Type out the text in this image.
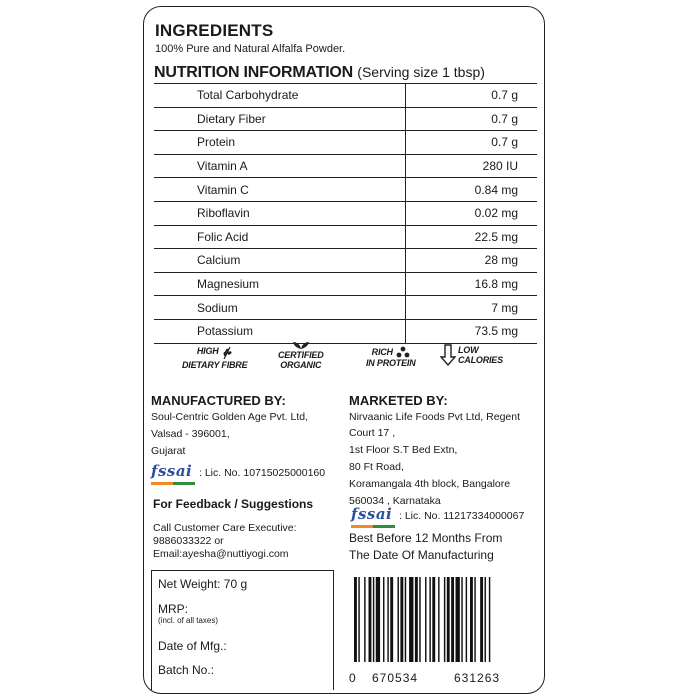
INGREDIENTS
100% Pure and Natural Alfalfa Powder.
NUTRITION INFORMATION (Serving size 1 tbsp)
Total Carbohydrate	0.7 g
Dietary Fiber	0.7 g
Protein	0.7 g
Vitamin A	280 IU
Vitamin C	0.84 mg
Riboflavin	0.02 mg
Folic Acid	22.5 mg
Calcium	28 mg
Magnesium	16.8 mg
Sodium	7 mg
Potassium	73.5 mg
HIGH
DIETARY FIBRE
CERTIFIED
ORGANIC
RICH
IN PROTEIN
LOW
CALORIES
MANUFACTURED BY:
Soul-Centric Golden Age Pvt. Ltd,
Valsad - 396001,
Gujarat
fssai : Lic. No. 10715025000160
For Feedback / Suggestions
Call Customer Care Executive:
9886033322 or
Email:ayesha@nuttiyogi.com
MARKETED BY:
Nirvaanic Life Foods Pvt Ltd, Regent
Court 17 ,
1st Floor S.T Bed Extn,
80 Ft Road,
Koramangala 4th block, Bangalore
560034 , Karnataka
fssai : Lic. No. 11217334000067
Best Before 12 Months From
The Date Of Manufacturing
Net Weight: 70 g
MRP:
(incl. of all taxes)
Date of Mfg.:
Batch No.:
0 670534	631263
